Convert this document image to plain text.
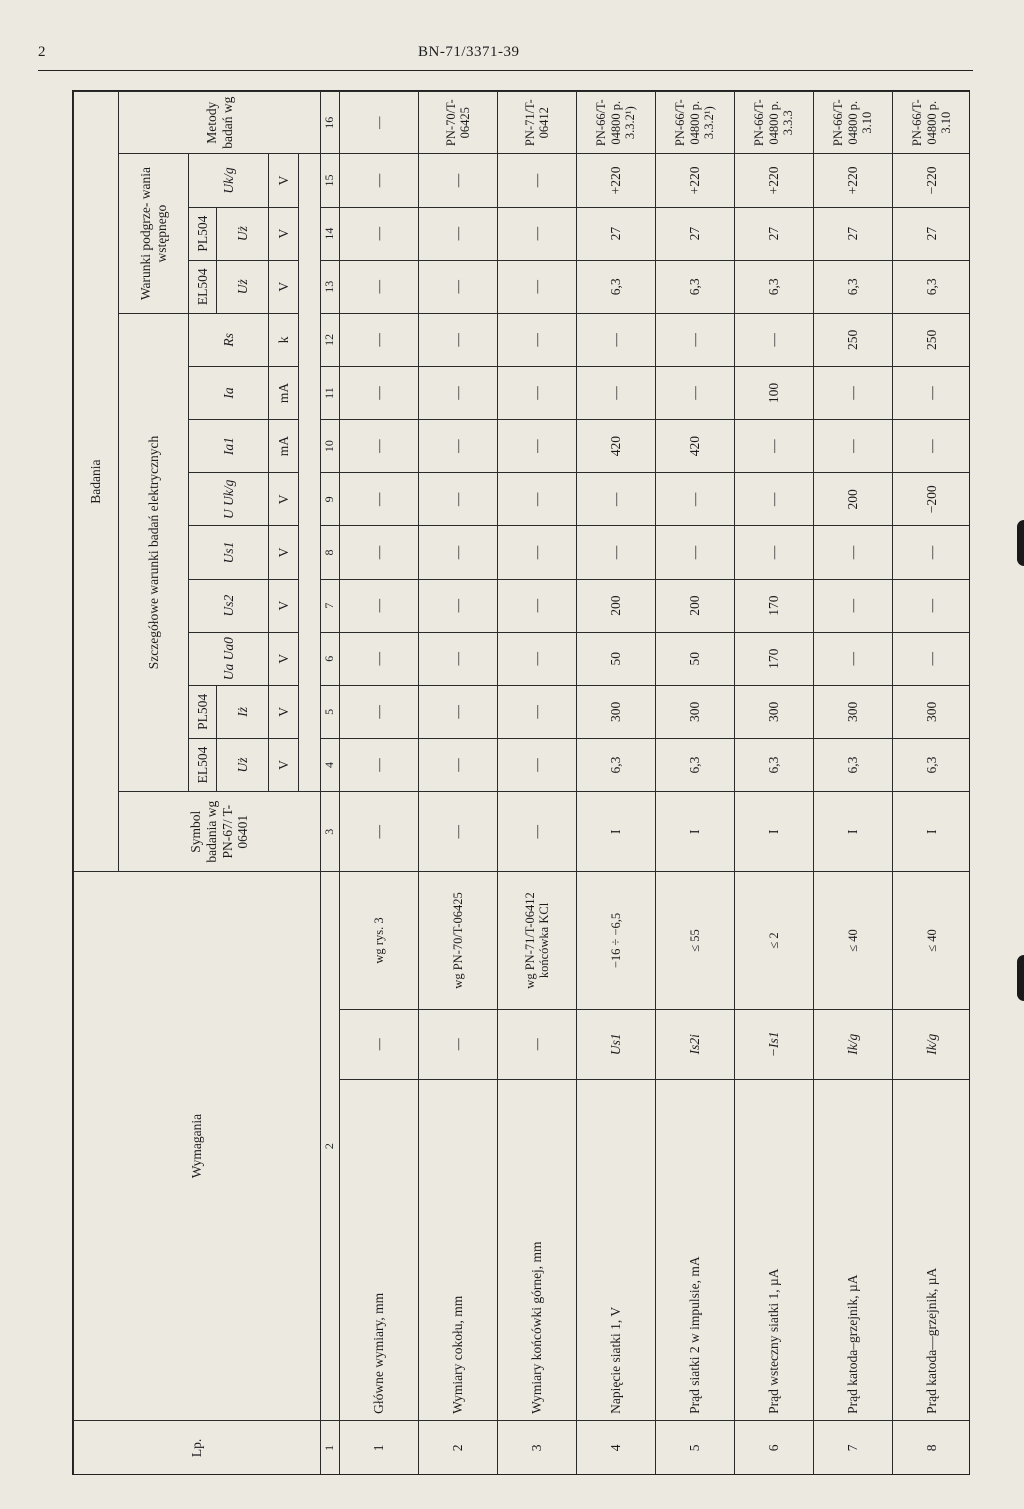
2	BN-71/3371-39
Lp.	Wymagania			Badania													
				Symbol badania wg PN-67/ T-06401	Szczegółowe warunki badań elektrycznych									Warunki podgrze- wania wstępnego			Metody badań wg
					EL504	PL504	Ua Ua0	Us2	Us1	U Uk/g	Ia1	Ia	Rs	EL504	PL504	Uk/g	
					Uż	Iż								Uż	Uż		
					V	V	V	V	V	V	mA	mA	k	V	V	V	

1	2			3	4	5	6	7	8	9	10	11	12	13	14	15	16
1	Główne wymiary, mm	—	wg rys. 3	—	—	—	—	—	—	—	—	—	—	—	—	—	—
2	Wymiary cokołu, mm	—	wg PN-70/T-06425	—	—	—	—	—	—	—	—	—	—	—	—	—	PN-70/T-06425
3	Wymiary końcówki górnej, mm	—	wg PN-71/T-06412 końcówka KCl	—	—	—	—	—	—	—	—	—	—	—	—	—	PN-71/T-06412
4	Napięcie siatki 1, V	Us1	−16 ÷ −6,5	I	6,3	300	50	200	—	—	420	—	—	6,3	27	+220	PN-66/T-04800 p. 3.3.2¹)
5	Prąd siatki 2 w impulsie, mA	Is2i	≤ 55	I	6,3	300	50	200	—	—	420	—	—	6,3	27	+220	PN-66/T-04800 p. 3.3.2¹)
6	Prąd wsteczny siatki 1, µA	−Is1	≤ 2	I	6,3	300	170	170	—	—	—	100	—	6,3	27	+220	PN-66/T-04800 p. 3.3.3
7	Prąd katoda–grzejnik, µA	Ik/g	≤ 40	I	6,3	300	—	—	—	200	—	—	250	6,3	27	+220	PN-66/T-04800 p. 3.10
8	Prąd katoda—grzejnik, µA	Ik/g	≤ 40	I	6,3	300	—	—	—	−200	—	—	250	6,3	27	−220	PN-66/T-04800 p. 3.10
